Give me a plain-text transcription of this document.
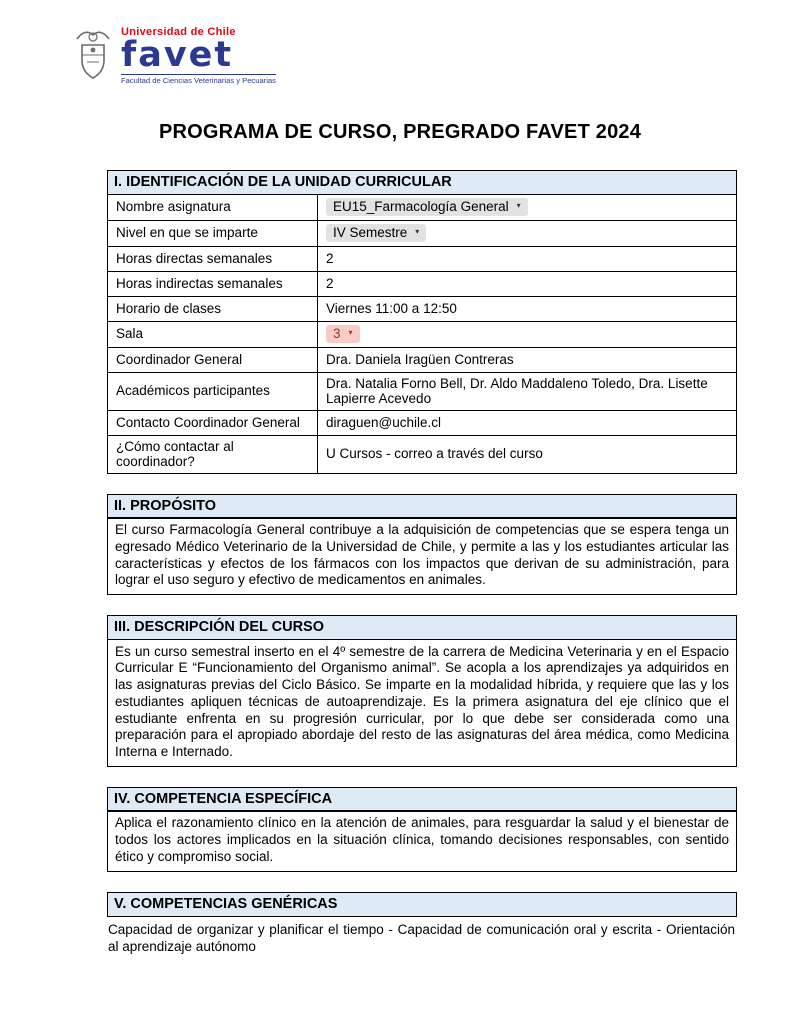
Universidad de Chile
favet
Facultad de Ciencias Veterinarias y Pecuarias
PROGRAMA DE CURSO, PREGRADO FAVET 2024
I. IDENTIFICACIÓN DE LA UNIDAD CURRICULAR
Nombre asignatura	EU15_Farmacología General ▾

Nivel en que se imparte	IV Semestre ▾

Horas directas semanales	2
Horas indirectas semanales	2
Horario de clases	Viernes 11:00 a 12:50
Sala	3 ▾

Coordinador General	Dra. Daniela Iragüen Contreras
Académicos participantes	Dra. Natalia Forno Bell, Dr. Aldo Maddaleno Toledo, Dra. Lisette Lapierre Acevedo
Contacto Coordinador General	diraguen@uchile.cl
¿Cómo contactar al coordinador?	U Cursos - correo a través del curso
II. PROPÓSITO
El curso Farmacología General contribuye a la adquisición de competencias que se espera tenga un egresado Médico Veterinario de la Universidad de Chile, y permite a las y los estudiantes articular las características y efectos de los fármacos con los impactos que derivan de su administración, para lograr el uso seguro y efectivo de medicamentos en animales.
III. DESCRIPCIÓN DEL CURSO
Es un curso semestral inserto en el 4º semestre de la carrera de Medicina Veterinaria y en el Espacio Curricular E “Funcionamiento del Organismo animal”. Se acopla a los aprendizajes ya adquiridos en las asignaturas previas del Ciclo Básico. Se imparte en la modalidad híbrida, y requiere que las y los estudiantes apliquen técnicas de autoaprendizaje. Es la primera asignatura del eje clínico que el estudiante enfrenta en su progresión curricular, por lo que debe ser considerada como una preparación para el apropiado abordaje del resto de las asignaturas del área médica, como Medicina Interna e Internado.
IV. COMPETENCIA ESPECÍFICA
Aplica el razonamiento clínico en la atención de animales, para resguardar la salud y el bienestar de todos los actores implicados en la situación clínica, tomando decisiones responsables, con sentido ético y compromiso social.
V. COMPETENCIAS GENÉRICAS
Capacidad de organizar y planificar el tiempo - Capacidad de comunicación oral y escrita - Orientación al aprendizaje autónomo
